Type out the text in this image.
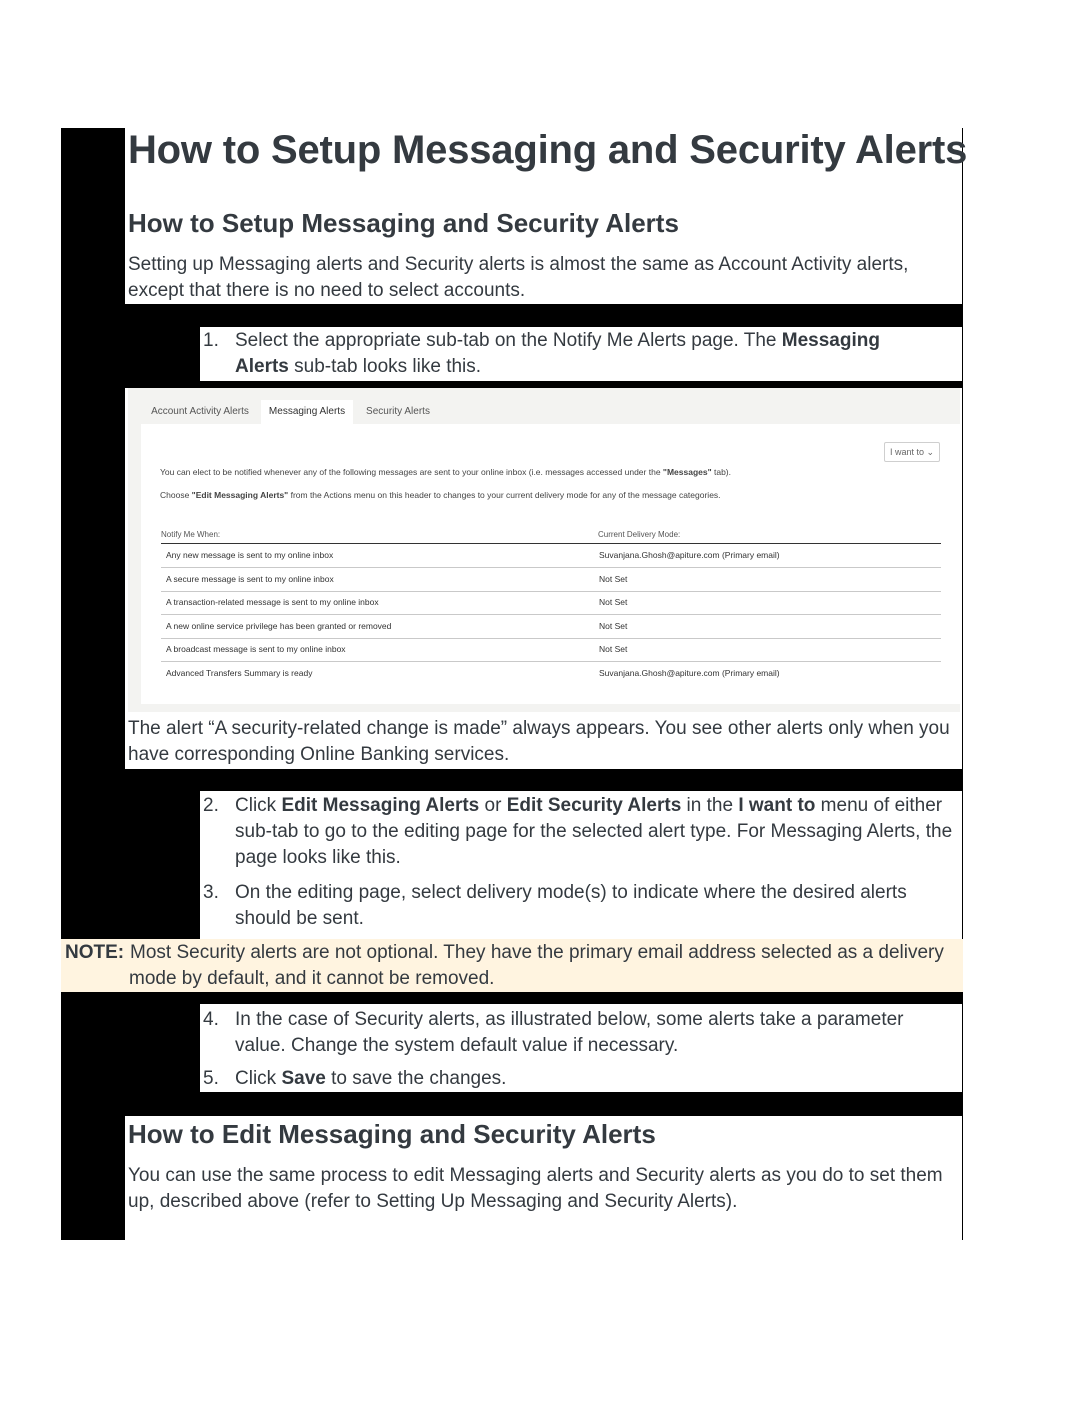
How to Setup Messaging and Security Alerts
How to Setup Messaging and Security Alerts
Setting up Messaging alerts and Security alerts is almost the same as Account Activity alerts, except that there is no need to select accounts.
1. Select the appropriate sub-tab on the Notify Me Alerts page. The Messaging Alerts sub-tab looks like this.
Account Activity Alerts	Messaging Alerts	Security Alerts
I want to ⌄
You can elect to be notified whenever any of the following messages are sent to your online inbox (i.e. messages accessed under the "Messages" tab).
Choose "Edit Messaging Alerts" from the Actions menu on this header to changes to your current delivery mode for any of the message categories.
Notify Me When:	Current Delivery Mode:
Any new message is sent to my online inbox	Suvanjana.Ghosh@apiture.com (Primary email)
A secure message is sent to my online inbox	Not Set
A transaction-related message is sent to my online inbox	Not Set
A new online service privilege has been granted or removed	Not Set
A broadcast message is sent to my online inbox	Not Set
Advanced Transfers Summary is ready	Suvanjana.Ghosh@apiture.com (Primary email)
The alert “A security-related change is made” always appears. You see other alerts only when you have corresponding Online Banking services.
2. Click Edit Messaging Alerts or Edit Security Alerts in the I want to menu of either sub-tab to go to the editing page for the selected alert type. For Messaging Alerts, the page looks like this.
3. On the editing page, select delivery mode(s) to indicate where the desired alerts should be sent.
NOTE: Most Security alerts are not optional. They have the primary email address selected as a delivery mode by default, and it cannot be removed.
4. In the case of Security alerts, as illustrated below, some alerts take a parameter value. Change the system default value if necessary.
5. Click Save to save the changes.
How to Edit Messaging and Security Alerts
You can use the same process to edit Messaging alerts and Security alerts as you do to set them up, described above (refer to Setting Up Messaging and Security Alerts).
